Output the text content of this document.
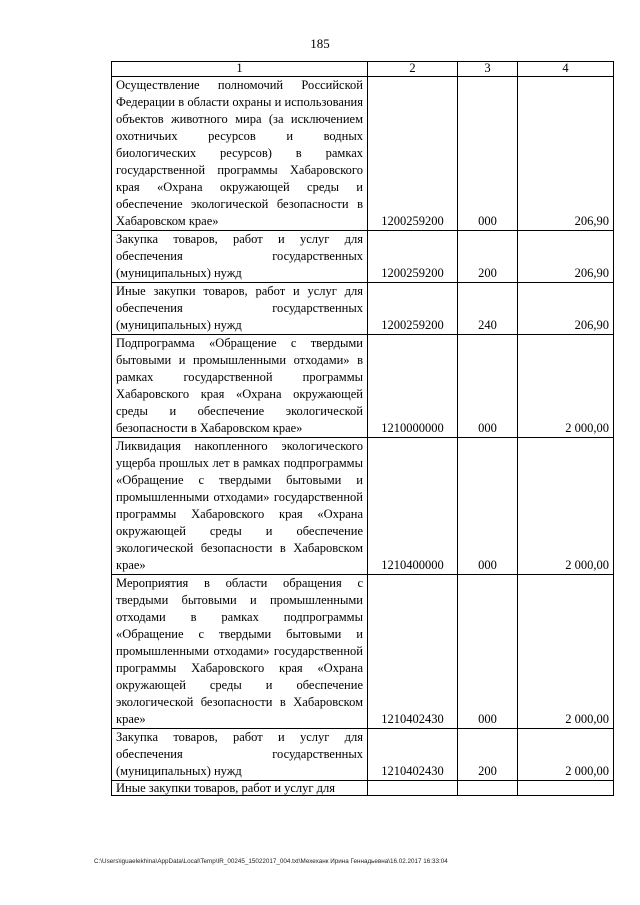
185
1	2	3	4
Осуществление полномочий Российской Федерации в области охраны и использования объектов животного мира (за исключением охотничьих ресурсов и водных биологических ресурсов) в рамках государственной программы Хабаровского края «Охрана окружающей среды и обеспечение экологической безопасности в Хабаровском крае»	1200259200	000	206,90
Закупка товаров, работ и услуг для обеспечения государственных (муниципальных) нужд	1200259200	200	206,90
Иные закупки товаров, работ и услуг для обеспечения государственных (муниципальных) нужд	1200259200	240	206,90
Подпрограмма «Обращение с твердыми бытовыми и промышленными отходами» в рамках государственной программы Хабаровского края «Охрана окружающей среды и обеспечение экологической безопасности в Хабаровском крае»	1210000000	000	2 000,00
Ликвидация накопленного экологического ущерба прошлых лет в рамках подпрограммы «Обращение с твердыми бытовыми и промышленными отходами» государственной программы Хабаровского края «Охрана окружающей среды и обеспечение экологической безопасности в Хабаровском крае»	1210400000	000	2 000,00
Мероприятия в области обращения с твердыми бытовыми и промышленными отходами в рамках подпрограммы «Обращение с твердыми бытовыми и промышленными отходами» государственной программы Хабаровского края «Охрана окружающей среды и обеспечение экологической безопасности в Хабаровском крае»	1210402430	000	2 000,00
Закупка товаров, работ и услуг для обеспечения государственных (муниципальных) нужд	1210402430	200	2 000,00
Иные закупки товаров, работ и услуг для			
C:\Users\iguaelekhina\AppData\Local\Temp\IR_00245_15022017_004.txt\Мехеханк Ирина Геннадьевна\16.02.2017 16:33:04
